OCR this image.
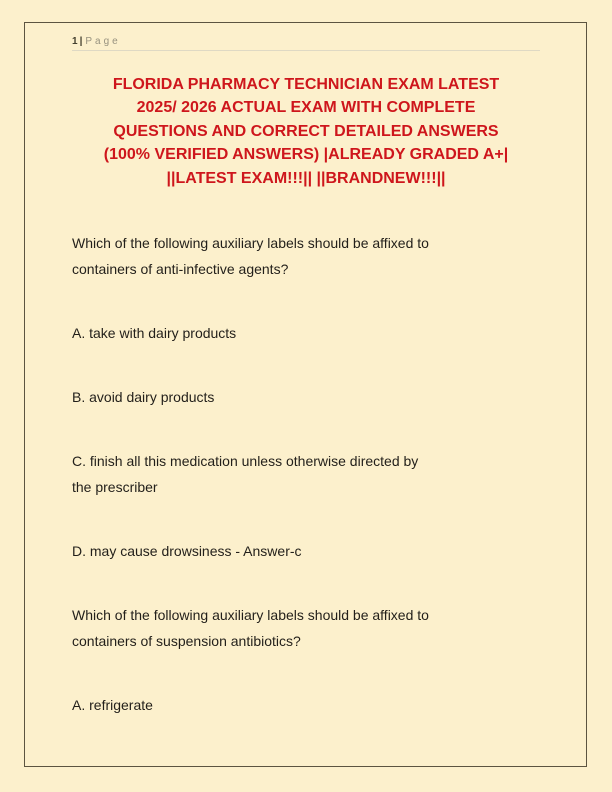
1 | Page
FLORIDA PHARMACY TECHNICIAN EXAM LATEST
2025/ 2026 ACTUAL EXAM WITH COMPLETE
QUESTIONS AND CORRECT DETAILED ANSWERS
(100% VERIFIED ANSWERS) |ALREADY GRADED A+|
||LATEST EXAM!!!|| ||BRANDNEW!!!||
Which of the following auxiliary labels should be affixed to
containers of anti-infective agents?
A. take with dairy products
B. avoid dairy products
C. finish all this medication unless otherwise directed by
the prescriber
D. may cause drowsiness - Answer-c
Which of the following auxiliary labels should be affixed to
containers of suspension antibiotics?
A. refrigerate
